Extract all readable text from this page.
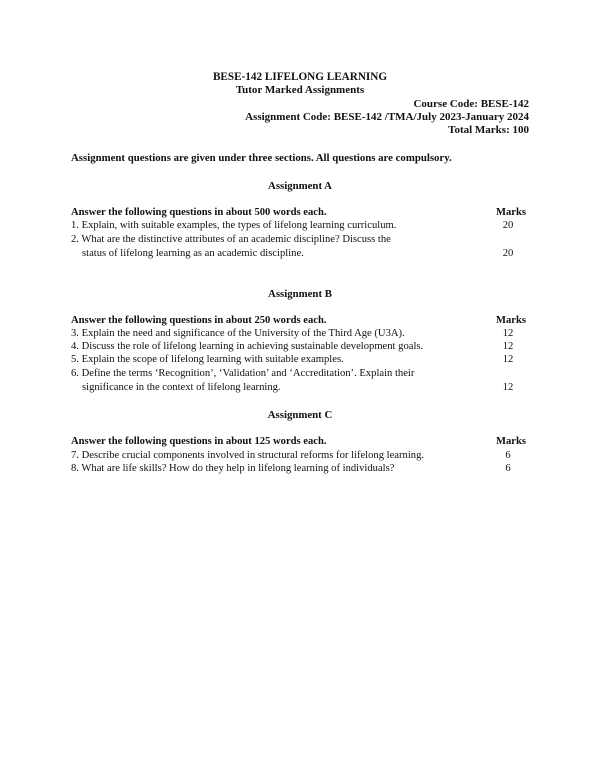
BESE-142 LIFELONG LEARNING
Tutor Marked Assignments
Course Code: BESE-142
Assignment Code: BESE-142 /TMA/July 2023-January 2024
Total Marks: 100
Assignment questions are given under three sections. All questions are compulsory.
Assignment A
Answer the following questions in about 500 words each.	Marks
1. Explain, with suitable examples, the types of lifelong learning curriculum.	20
2. What are the distinctive attributes of an academic discipline? Discuss the
status of lifelong learning as an academic discipline.	20
Assignment B
Answer the following questions in about 250 words each.	Marks
3. Explain the need and significance of the University of the Third Age (U3A).	12
4. Discuss the role of lifelong learning in achieving sustainable development goals.	12
5. Explain the scope of lifelong learning with suitable examples.	12
6. Define the terms ‘Recognition’, ‘Validation’ and ‘Accreditation’. Explain their
significance in the context of lifelong learning.	12
Assignment C
Answer the following questions in about 125 words each.	Marks
7. Describe crucial components involved in structural reforms for lifelong learning.	6
8. What are life skills? How do they help in lifelong learning of individuals?	6
